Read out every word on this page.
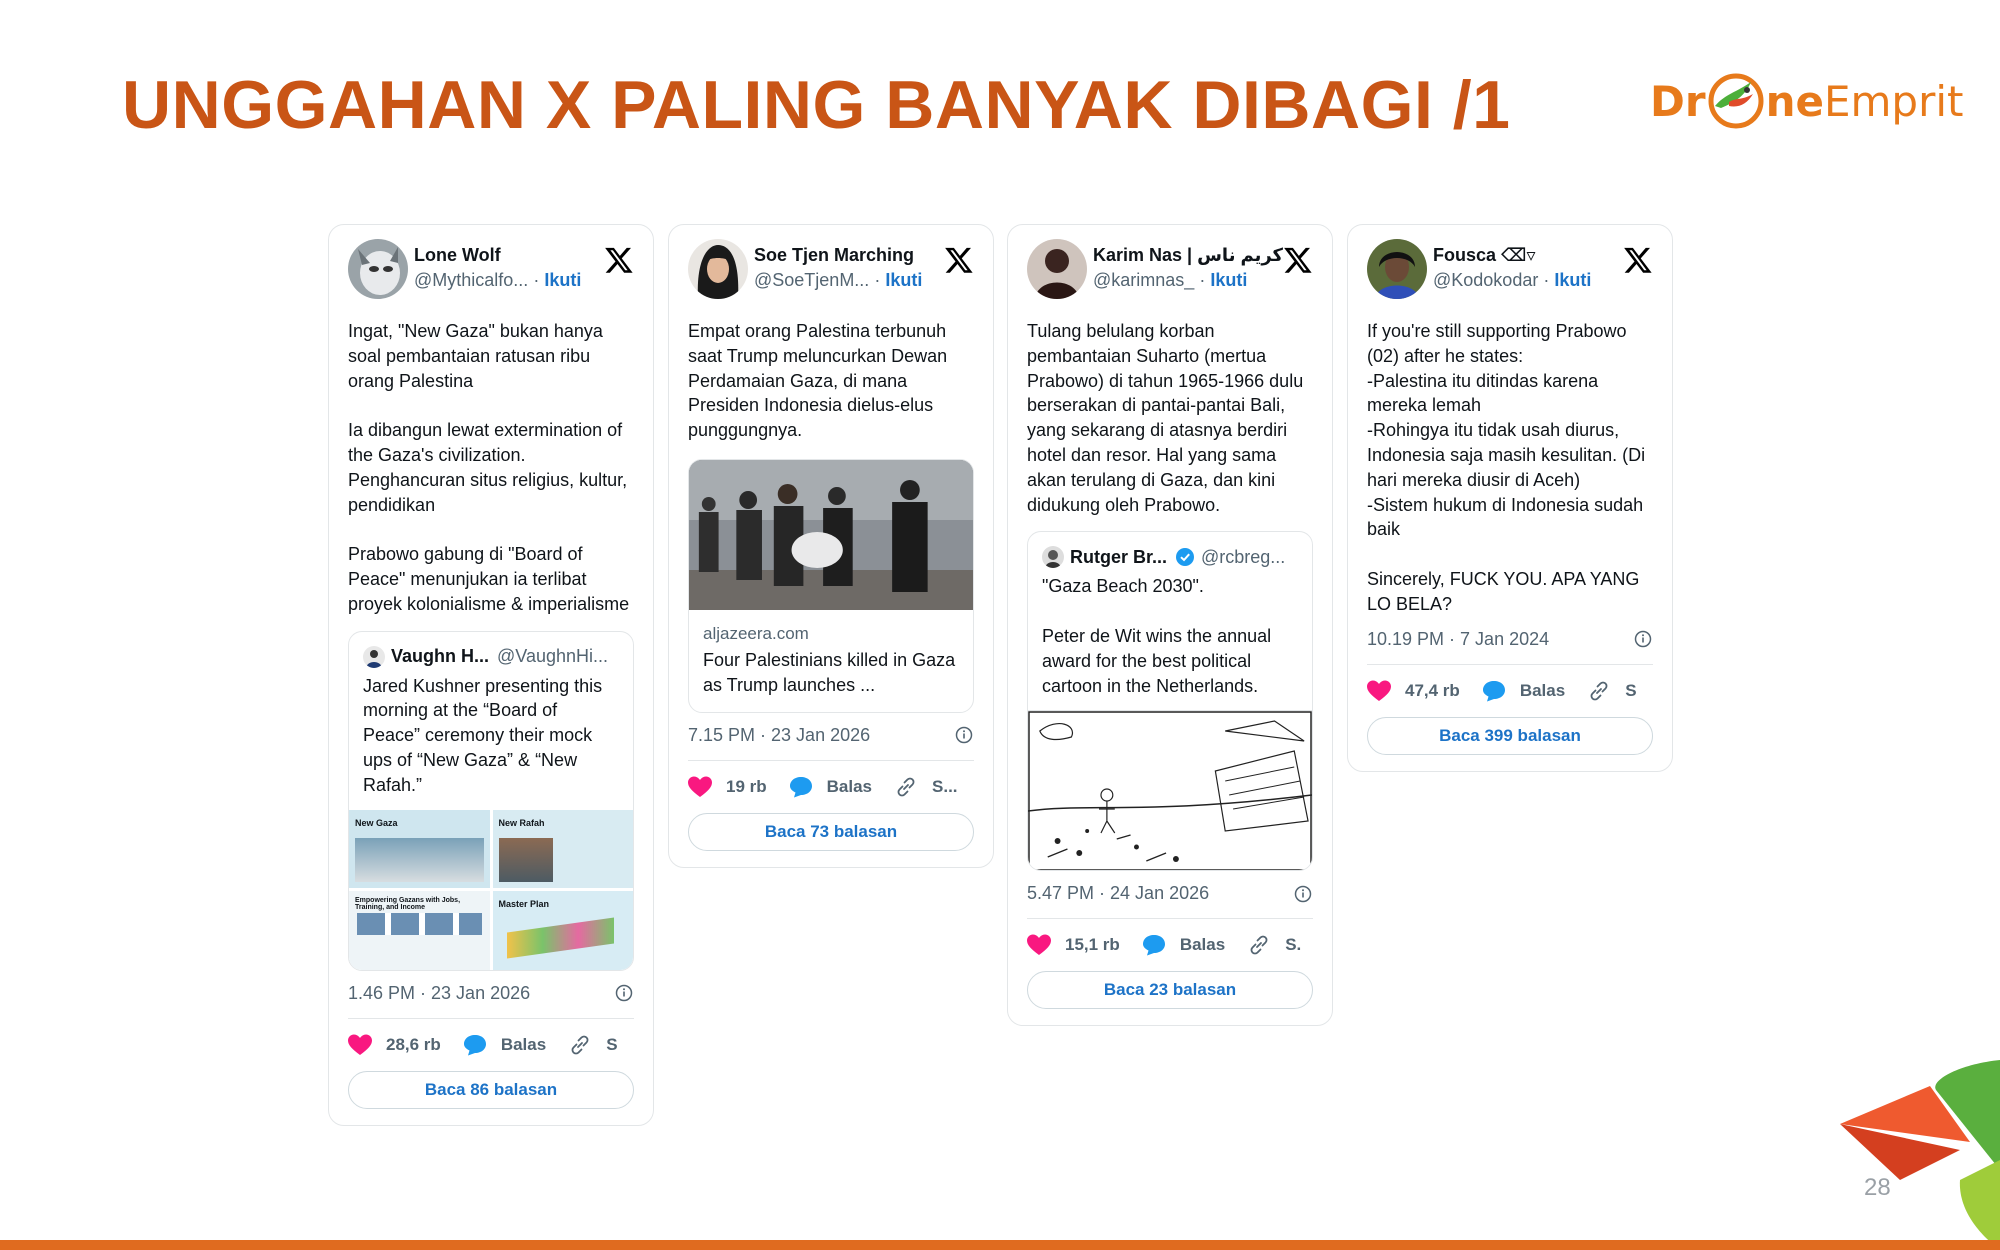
UNGGAHAN X PALING BANYAK DIBAGI /1	Dr ne Emprit
Lone Wolf
@Mythicalfo... · Ikuti
Ingat, "New Gaza" bukan hanya soal pembantaian ratusan ribu orang Palestina

Ia dibangun lewat extermination of the Gaza's civilization. Penghancuran situs religius, kultur, pendidikan

Prabowo gabung di "Board of Peace" menunjukan ia terlibat proyek kolonialisme & imperialisme
Vaughn H... @VaughnHi...
Jared Kushner presenting this morning at the “Board of Peace” ceremony their mock ups of “New Gaza” & “New Rafah.”
New Gaza	New Rafah
Empowering Gazans with Jobs, Training, and Income	Master Plan
1.46 PM · 23 Jan 2026
28,6 rb	Balas	S
Baca 86 balasan
Soe Tjen Marching
@SoeTjenM... · Ikuti
Empat orang Palestina terbunuh saat Trump meluncurkan Dewan Perdamaian Gaza, di mana Presiden Indonesia dielus-elus punggungnya.
aljazeera.com
Four Palestinians killed in Gaza as Trump launches ...
7.15 PM · 23 Jan 2026
19 rb	Balas	S...
Baca 73 balasan
Karim Nas | كريم ناس
@karimnas_ · Ikuti
Tulang belulang korban pembantaian Suharto (mertua Prabowo) di tahun 1965-1966 dulu berserakan di pantai-pantai Bali, yang sekarang di atasnya berdiri hotel dan resor. Hal yang sama akan terulang di Gaza, dan kini didukung oleh Prabowo.
Rutger Br... @rcbreg...
"Gaza Beach 2030".

Peter de Wit wins the annual award for the best political cartoon in the Netherlands.
5.47 PM · 24 Jan 2026
15,1 rb	Balas	S.
Baca 23 balasan
Fousca ⌫▿
@Kodokodar · Ikuti
If you're still supporting Prabowo (02) after he states:
-Palestina itu ditindas karena mereka lemah
-Rohingya itu tidak usah diurus, Indonesia saja masih kesulitan. (Di hari mereka diusir di Aceh)
-Sistem hukum di Indonesia sudah baik

Sincerely, FUCK YOU. APA YANG LO BELA?
10.19 PM · 7 Jan 2024
47,4 rb	Balas	S
Baca 399 balasan
28
